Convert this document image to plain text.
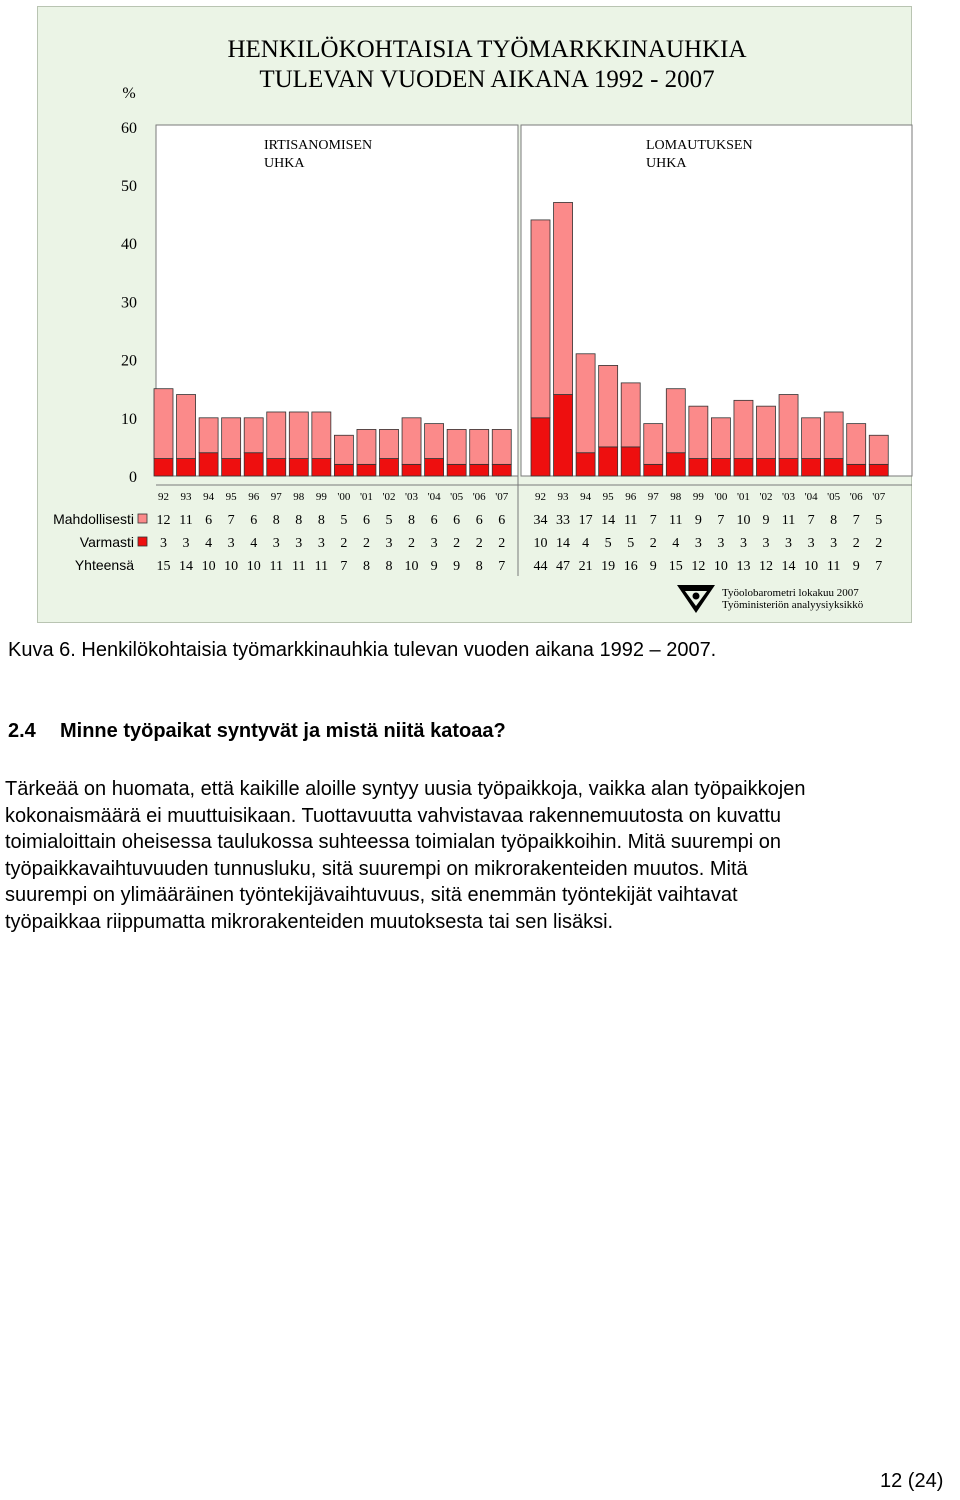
HENKILÖKOHTAISIA TYÖMARKKINAUHKIA
TULEVAN VUODEN AIKANA 1992 - 2007
%
IRTISANOMISEN
UHKA
LOMAUTUKSEN
UHKA
0
10
20
30
40
50
60
Mahdollisesti
Varmasti
Yhteensä
92
12
3
15
93
11
3
14
94
6
4
10
95
7
3
10
96
6
4
10
97
8
3
11
98
8
3
11
99
8
3
11
'00
5
2
7
'01
6
2
8
'02
5
3
8
'03
8
2
10
'04
6
3
9
'05
6
2
9
'06
6
2
8
'07
6
2
7
92
34
10
44
93
33
14
47
94
17
4
21
95
14
5
19
96
11
5
16
97
7
2
9
98
11
4
15
99
9
3
12
'00
7
3
10
'01
10
3
13
'02
9
3
12
'03
11
3
14
'04
7
3
10
'05
8
3
11
'06
7
2
9
'07
5
2
7
Työolobarometri lokakuu 2007
Työministeriön analyysiyksikkö

Kuva 6. Henkilökohtaisia työmarkkinauhkia tulevan vuoden aikana 1992 – 2007.

2.4 Minne työpaikat syntyvät ja mistä niitä katoaa?

Tärkeää on huomata, että kaikille aloille syntyy uusia työpaikkoja, vaikka alan työpaikkojen
kokonaismäärä ei muuttuisikaan. Tuottavuutta vahvistavaa rakennemuutosta on kuvattu
toimialoittain oheisessa taulukossa suhteessa toimialan työpaikkoihin. Mitä suurempi on
työpaikkavaihtuvuuden tunnusluku, sitä suurempi on mikrorakenteiden muutos. Mitä
suurempi on ylimääräinen työntekijävaihtuvuus, sitä enemmän työntekijät vaihtavat
työpaikkaa riippumatta mikrorakenteiden muutoksesta tai sen lisäksi.

12 (24)
